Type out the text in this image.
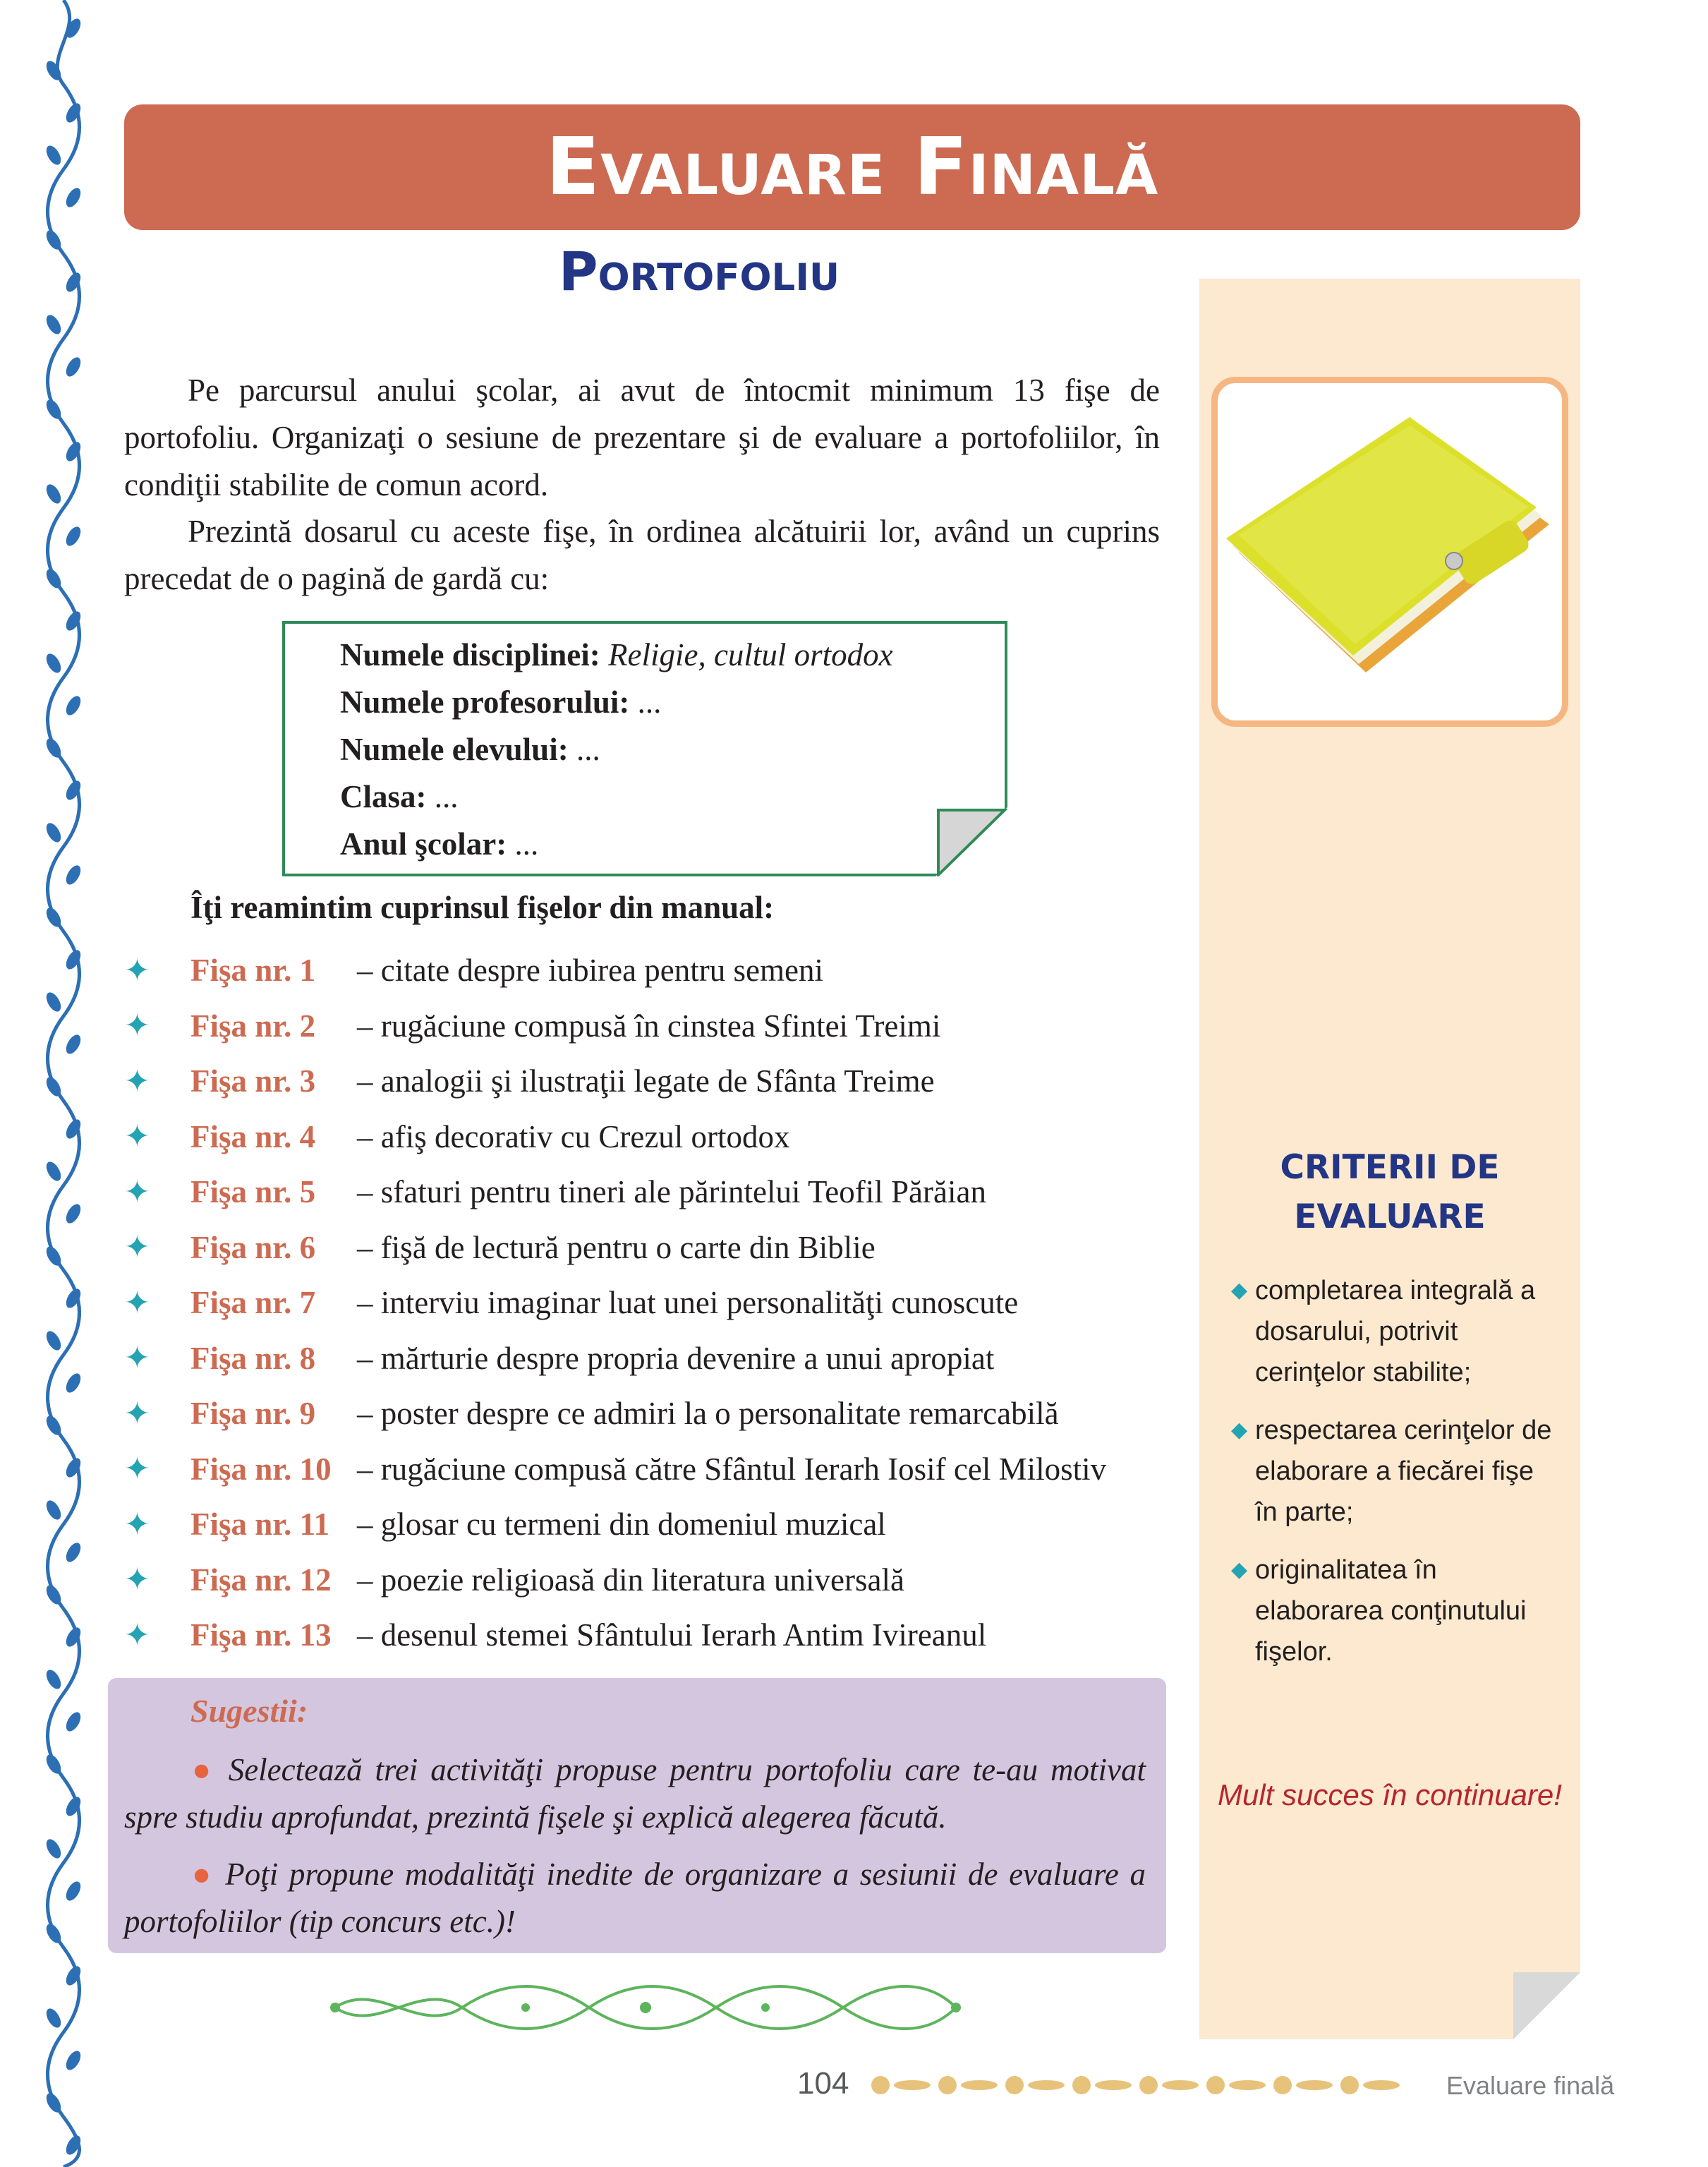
Evaluare Finală
Portofoliu
CRITERII DE
EVALUARE
◆ completarea integrală a dosarului, potrivit cerinţelor stabilite;
◆ respectarea cerinţelor de elaborare a fiecărei fişe în parte;
◆ originalitatea în elaborarea conţinutului fişelor.
Mult succes în continuare!
Pe parcursul anului şcolar, ai avut de întocmit minimum 13 fişe de portofoliu. Organizaţi o sesiune de prezentare şi de evaluare a portofoliilor, în condiţii stabilite de comun acord.
Prezintă dosarul cu aceste fişe, în ordinea alcătuirii lor, având un cuprins precedat de o pagină de gardă cu:
Numele disciplinei: Religie, cultul ortodox
Numele profesorului: ...
Numele elevului: ...
Clasa: ...
Anul şcolar: ...
Îţi reamintim cuprinsul fişelor din manual:
✦	Fişa nr. 1	– citate despre iubirea pentru semeni
✦	Fişa nr. 2	– rugăciune compusă în cinstea Sfintei Treimi
✦	Fişa nr. 3	– analogii şi ilustraţii legate de Sfânta Treime
✦	Fişa nr. 4	– afiş decorativ cu Crezul ortodox
✦	Fişa nr. 5	– sfaturi pentru tineri ale părintelui Teofil Părăian
✦	Fişa nr. 6	– fişă de lectură pentru o carte din Biblie
✦	Fişa nr. 7	– interviu imaginar luat unei personalităţi cunoscute
✦	Fişa nr. 8	– mărturie despre propria devenire a unui apropiat
✦	Fişa nr. 9	– poster despre ce admiri la o personalitate remarcabilă
✦	Fişa nr. 10 – rugăciune compusă către Sfântul Ierarh Iosif cel Milostiv
✦	Fişa nr. 11 – glosar cu termeni din domeniul muzical
✦	Fişa nr. 12 – poezie religioasă din literatura universală
✦	Fişa nr. 13 – desenul stemei Sfântului Ierarh Antim Ivireanul
Sugestii:
● Selectează trei activităţi propuse pentru portofoliu care te-au motivat spre studiu aprofundat, prezintă fişele şi explică alegerea făcută.
● Poţi propune modalităţi inedite de organizare a sesiunii de evaluare a portofoliilor (tip concurs etc.)!
104	Evaluare finală
